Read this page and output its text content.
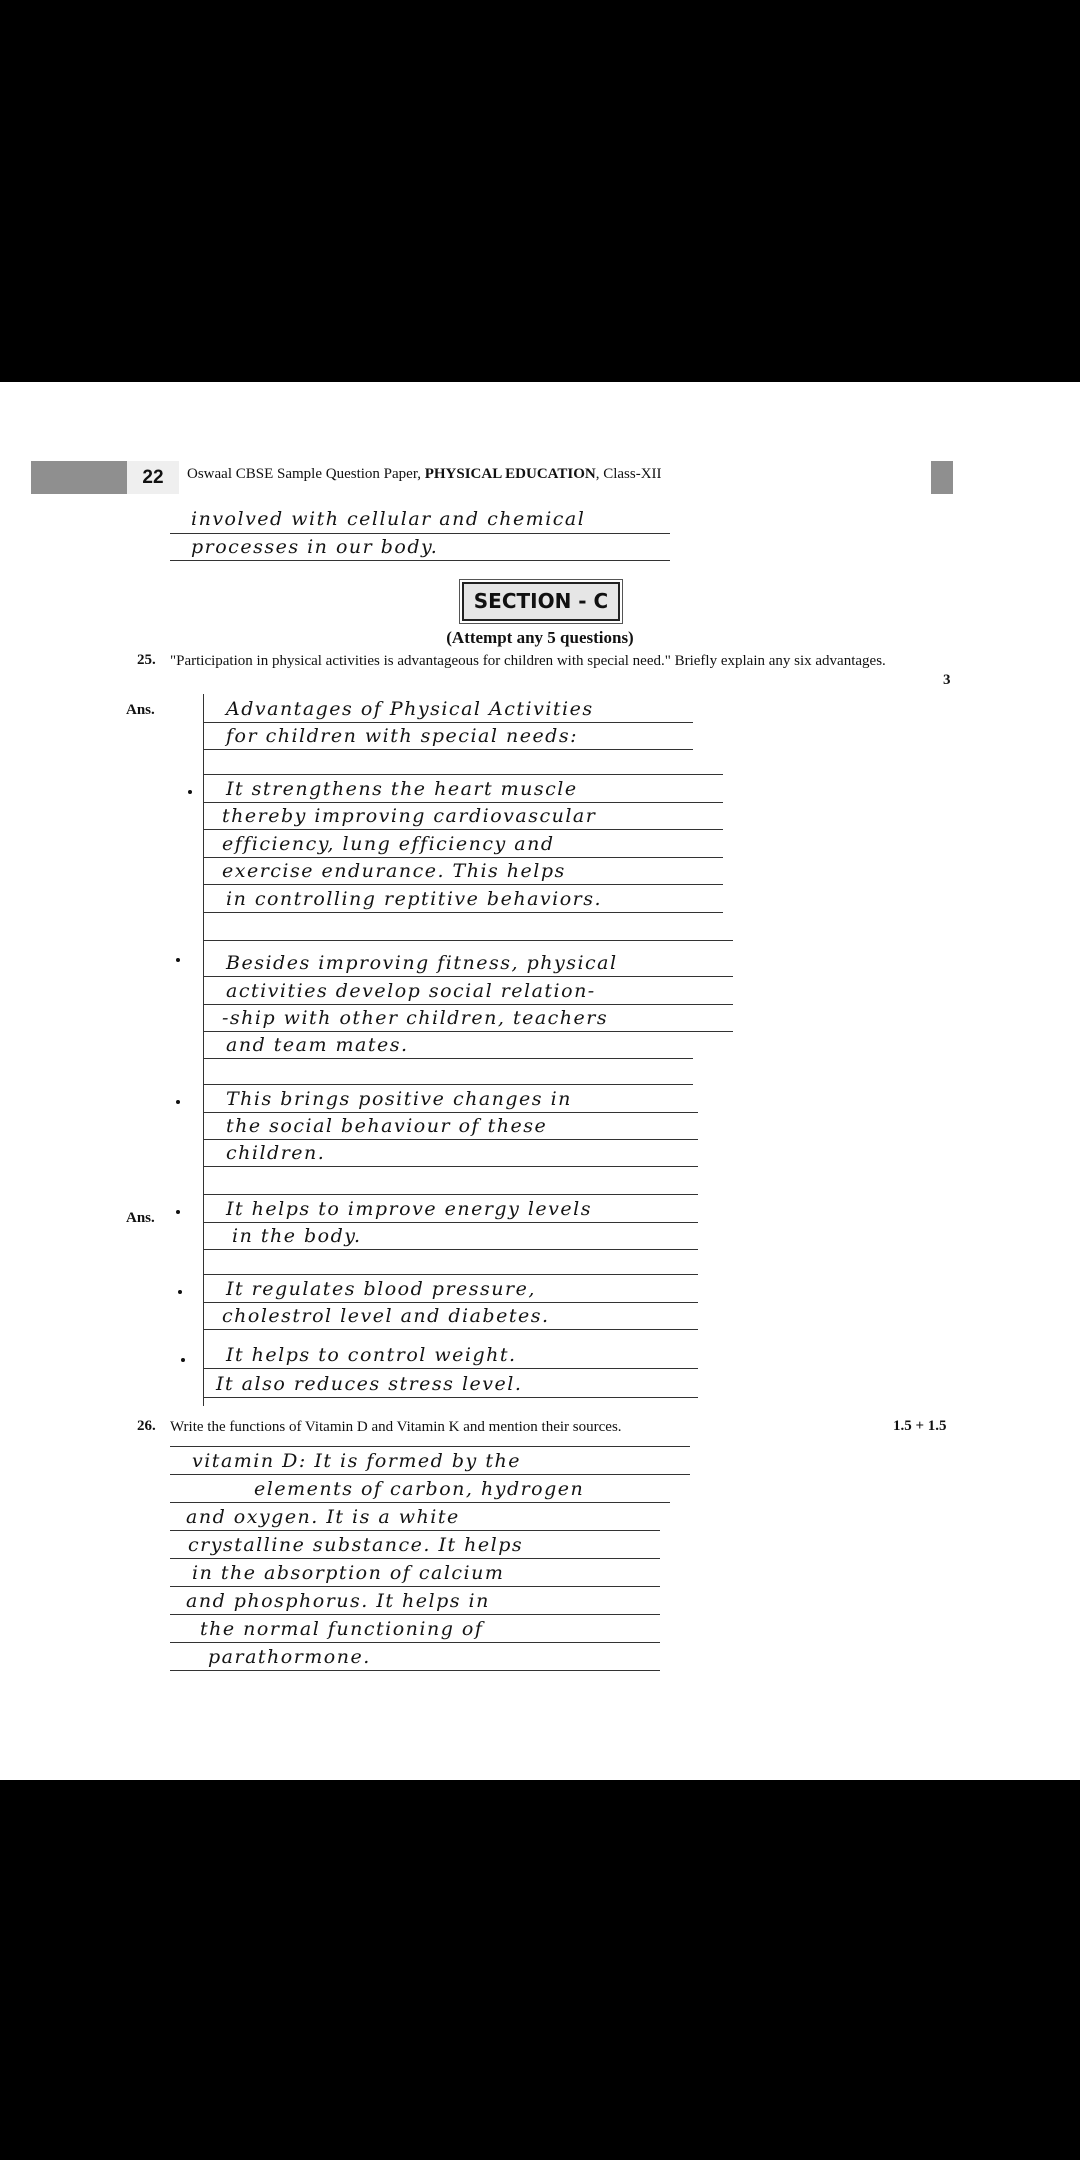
22	Oswaal CBSE Sample Question Paper, PHYSICAL EDUCATION, Class-XII
involved with cellular and chemical
processes in our body.
SECTION - C
(Attempt any 5 questions)
25. "Participation in physical activities is advantageous for children with special need." Briefly explain any six advantages.
3
Ans.
Ans.
Advantages of Physical Activities
for children with special needs:
It strengthens the heart muscle
thereby improving cardiovascular
efficiency, lung efficiency and
exercise endurance. This helps
in controlling reptitive behaviors.
Besides improving fitness, physical
activities develop social relation-
-ship with other children, teachers
and team mates.
This brings positive changes in
the social behaviour of these
children.
It helps to improve energy levels
in the body.
It regulates blood pressure,
cholestrol level and diabetes.
It helps to control weight.
It also reduces stress level.
26. Write the functions of Vitamin D and Vitamin K and mention their sources.	1.5 + 1.5
vitamin D: It is formed by the
elements of carbon, hydrogen
and oxygen. It is a white
crystalline substance. It helps
in the absorption of calcium
and phosphorus. It helps in
the normal functioning of
parathormone.
